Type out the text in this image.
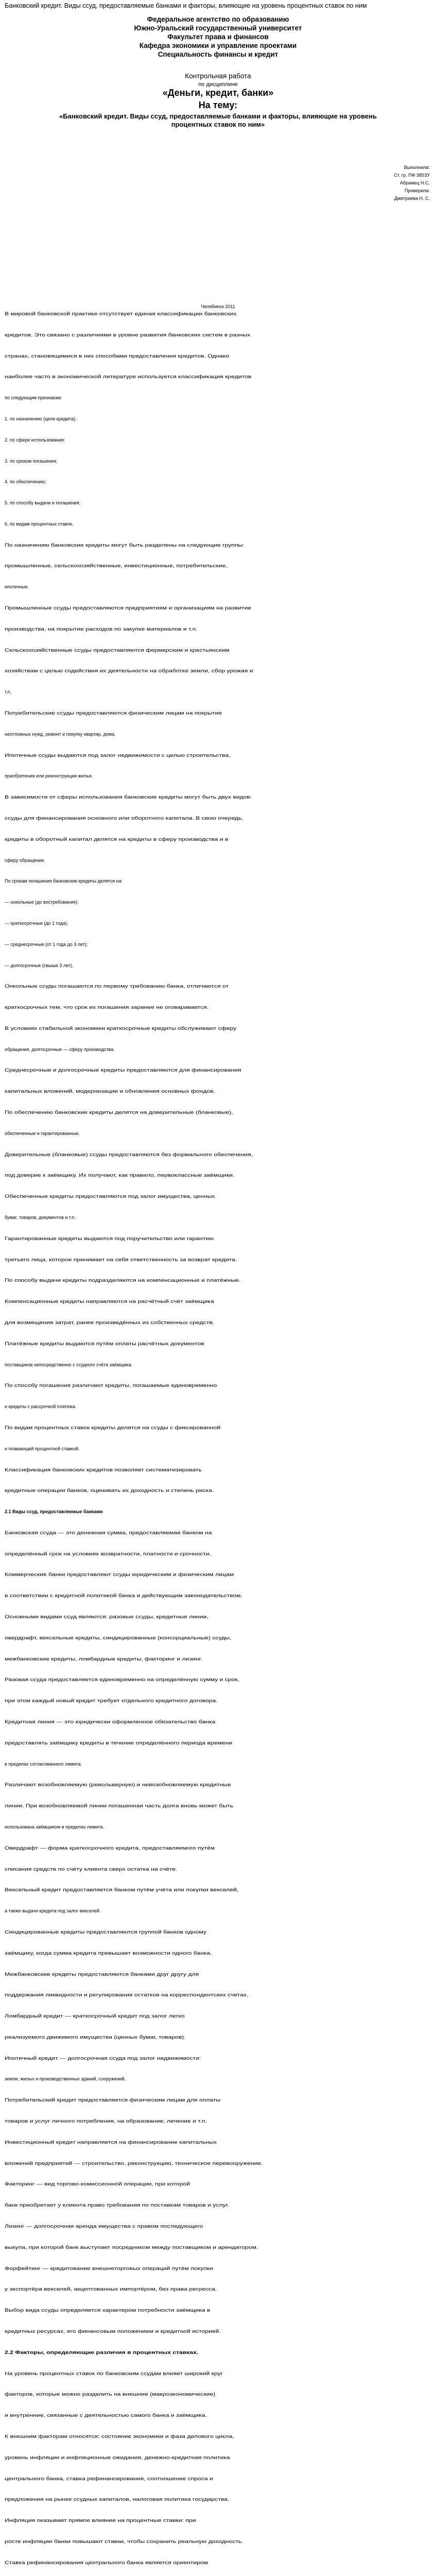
Банковский кредит. Виды ссуд, предоставляемые банками и факторы, влияющие на уровень процентных ставок по ним
Федеральное агентство по образованию
Южно-Уральский государственный университет
Факультет права и финансов
Кафедра экономики и управление проектами
Специальность финансы и кредит
Контрольная работа
по дисциплине
«Деньги, кредит, банки»
На тему:
«Банковский кредит. Виды ссуд, предоставляемые банками и факторы, влияющие на уровень
процентных ставок по ним»
Выполнила:
Ст. гр. ПФ 385ЗУ
Абрамец Н.С.
Проверила:
Дмитриева Н. С.
Челябинск 2011
В мировой банковской практике отсутствует единая классификации банковских
кредитов. Это связано с различиями в уровне развития банковских систем в разных
странах, становящимися в них способами предоставления кредитов. Однако
наиболее часто в экономической литературе используется классификация кредитов
по следующим признакам:
1. по назначению (цели кредита);
2. по сфере использования;
3. по сроком погашения;
4. по обеспечению;
5. по способу выдачи и погашения;
6. по видам процентных ставок.
По назначению банковские кредиты могут быть разделены на следующие группы:
промышленные, сельскохозяйственные, инвестиционные, потребительские,
ипотечные.
Промышленные ссуды предоставляются предприятиям и организациям на развитие
производства, на покрытие расходов по закупке материалов и т.п.
Сельскохозяйственные ссуды предоставляются фермерским и крестьянским
хозяйствам с целью содействия их деятельности на обработке земли, сбор урожая и
т.п.
Потребительские ссуды предоставляются физическим лицам на покрытие
неотложных нужд, ремонт и покупку квартир, дома.
Ипотечные ссуды выдаются под залог недвижимости с целью строительства,
приобретения или реконструкции жилья.
В зависимости от сферы использования банковские кредиты могут быть двух видов:
ссуды для финансирования основного или оборотного капитала. В свою очередь,
кредиты в оборотный капитал делятся на кредиты в сферу производства и в
сферу обращения.
По срокам погашения банковские кредиты делятся на:
— онкольные (до востребования);
— краткосрочные (до 1 года);
— среднесрочные (от 1 года до 3 лет);
— долгосрочные (свыше 3 лет).
Онкольные ссуды погашаются по первому требованию банка, отличаются от
краткосрочных тем, что срок их погашения заранее не оговаривается.
В условиях стабильной экономики краткосрочные кредиты обслуживают сферу
обращения, долгосрочные — сферу производства.
Среднесрочные и долгосрочные кредиты предоставляются для финансирования
капитальных вложений, модернизации и обновления основных фондов.
По обеспечению банковские кредиты делятся на доверительные (бланковые),
обеспеченные и гарантированные.
Доверительные (бланковые) ссуды предоставляются без формального обеспечения,
под доверие к заёмщику. Их получают, как правило, первоклассные заёмщики.
Обеспеченные кредиты предоставляются под залог имущества, ценных
бумаг, товаров, документов и т.п.
Гарантированные кредиты выдаются под поручительство или гарантию
третьего лица, которое принимает на себя ответственность за возврат кредита.
По способу выдачи кредиты подразделяются на компенсационные и платёжные.
Компенсационные кредиты направляются на расчётный счёт заёмщика
для возмещения затрат, ранее произведённых из собственных средств.
Платёжные кредиты выдаются путём оплаты расчётных документов
поставщиков непосредственно с ссудного счёта заёмщика.
По способу погашения различают кредиты, погашаемые единовременно
и кредиты с рассрочкой платежа.
По видам процентных ставок кредиты делятся на ссуды с фиксированной
и плавающей процентной ставкой.
Классификация банковских кредитов позволяет систематизировать
кредитные операции банков, оценивать их доходность и степень риска.
2.1 Виды ссуд, предоставляемые банками
Банковская ссуда — это денежная сумма, предоставляемая банком на
определённый срок на условиях возвратности, платности и срочности.
Коммерческие банки предоставляют ссуды юридическим и физическим лицам
в соответствии с кредитной политикой банка и действующим законодательством.
Основными видами ссуд являются: разовые ссуды, кредитные линии,
овердрафт, вексельные кредиты, синдицированные (консорциальные) ссуды,
межбанковские кредиты, ломбардные кредиты, факторинг и лизинг.
Разовая ссуда предоставляется единовременно на определённую сумму и срок,
при этом каждый новый кредит требует отдельного кредитного договора.
Кредитная линия — это юридически оформленное обязательство банка
предоставлять заёмщику кредиты в течение определённого периода времени
в пределах согласованного лимита.
Различают возобновляемую (револьверную) и невозобновляемую кредитные
линии. При возобновляемой линии погашенная часть долга вновь может быть
использована заёмщиком в пределах лимита.
Овердрафт — форма краткосрочного кредита, предоставляемого путём
списания средств по счёту клиента сверх остатка на счёте.
Вексельный кредит предоставляется банком путём учёта или покупки векселей,
а также выдачи кредита под залог векселей.
Синдицированные кредиты предоставляются группой банков одному
заёмщику, когда сумма кредита превышает возможности одного банка.
Межбанковские кредиты предоставляются банками друг другу для
поддержания ликвидности и регулирования остатков на корреспондентских счетах.
Ломбардный кредит — краткосрочный кредит под залог легко
реализуемого движимого имущества (ценных бумаг, товаров).
Ипотечный кредит — долгосрочная ссуда под залог недвижимости:
земли, жилых и производственных зданий, сооружений.
Потребительский кредит предоставляется физическим лицам для оплаты
товаров и услуг личного потребления, на образование, лечение и т.п.
Инвестиционный кредит направляется на финансирование капитальных
вложений предприятий — строительство, реконструкцию, техническое перевооружение.
Факторинг — вид торгово-комиссионной операции, при которой
банк приобретает у клиента право требования по поставкам товаров и услуг.
Лизинг — долгосрочная аренда имущества с правом последующего
выкупа, при которой банк выступает посредником между поставщиком и арендатором.
Форфейтинг — кредитование внешнеторговых операций путём покупки
у экспортёра векселей, акцептованных импортёром, без права регресса.
Выбор вида ссуды определяется характером потребности заёмщика в
кредитных ресурсах, его финансовым положением и кредитной историей.
2.2 Факторы, определяющие различия в процентных ставках.
На уровень процентных ставок по банковским ссудам влияет широкий круг
факторов, которые можно разделить на внешние (макроэкономические)
и внутренние, связанные с деятельностью самого банка и заёмщика.
К внешним факторам относятся: состояние экономики и фаза делового цикла,
уровень инфляции и инфляционные ожидания, денежно-кредитная политика
центрального банка, ставка рефинансирования, соотношение спроса и
предложения на рынке ссудных капиталов, налоговая политика государства.
Инфляция оказывает прямое влияние на процентные ставки: при
росте инфляции банки повышают ставки, чтобы сохранить реальную доходность.
Ставка рефинансирования центрального банка является ориентиром
